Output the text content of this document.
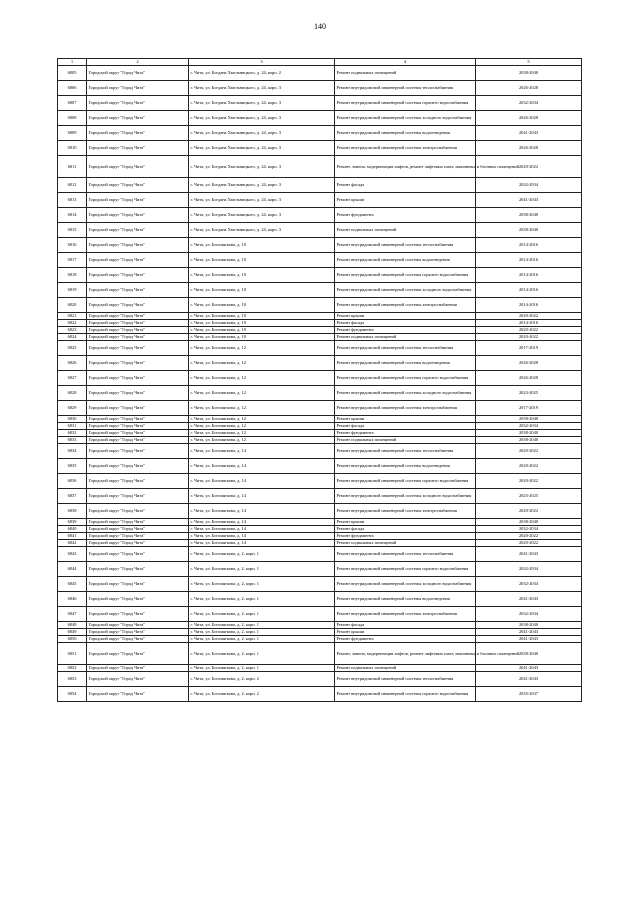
140
1	2	3	4	5
6805	Городской округ "Город Чита"	г. Чита, ул. Богдана Хмельницкого, д. 24, корп. 2	Ремонт подвальных помещений	2038-2040
6806	Городской округ "Город Чита"	г. Чита, ул. Богдана Хмельницкого, д. 24, корп. 3	Ремонт внутридомовой инженерной системы теплоснабжения	2026-2028
6807	Городской округ "Город Чита"	г. Чита, ул. Богдана Хмельницкого, д. 24, корп. 3	Ремонт внутридомовой инженерной системы горячего водоснабжения	2032-2034
6808	Городской округ "Город Чита"	г. Чита, ул. Богдана Хмельницкого, д. 24, корп. 3	Ремонт внутридомовой инженерной системы холодного водоснабжения	2026-2028
6809	Городской округ "Город Чита"	г. Чита, ул. Богдана Хмельницкого, д. 24, корп. 3	Ремонт внутридомовой инженерной системы водоотведения	2041-2043
6810	Городской округ "Город Чита"	г. Чита, ул. Богдана Хмельницкого, д. 24, корп. 3	Ремонт внутридомовой инженерной системы электроснабжения	2026-2028
6811	Городской округ "Город Чита"	г. Чита, ул. Богдана Хмельницкого, д. 24, корп. 3	Ремонт, замена, модернизация лифтов, ремонт лифтовых шахт, машинных и блочных помещений	2020-2022
6812	Городской округ "Город Чита"	г. Чита, ул. Богдана Хмельницкого, д. 24, корп. 3	Ремонт фасада	2032-2034
6813	Городской округ "Город Чита"	г. Чита, ул. Богдана Хмельницкого, д. 24, корп. 3	Ремонт крыши	2041-2043
6814	Городской округ "Город Чита"	г. Чита, ул. Богдана Хмельницкого, д. 24, корп. 3	Ремонт фундамента	2038-2040
6815	Городской округ "Город Чита"	г. Чита, ул. Богдана Хмельницкого, д. 24, корп. 3	Ремонт подвальных помещений	2038-2040
6816	Городской округ "Город Чита"	г. Чита, ул. Богомягкова, д. 10	Ремонт внутридомовой инженерной системы теплоснабжения	2014-2016
6817	Городской округ "Город Чита"	г. Чита, ул. Богомягкова, д. 10	Ремонт внутридомовой инженерной системы водоотведения	2014-2016
6818	Городской округ "Город Чита"	г. Чита, ул. Богомягкова, д. 10	Ремонт внутридомовой инженерной системы горячего водоснабжения	2014-2016
6819	Городской округ "Город Чита"	г. Чита, ул. Богомягкова, д. 10	Ремонт внутридомовой инженерной системы холодного водоснабжения	2014-2016
6820	Городской округ "Город Чита"	г. Чита, ул. Богомягкова, д. 10	Ремонт внутридомовой инженерной системы электроснабжения	2014-2016
6821	Городской округ "Город Чита"	г. Чита, ул. Богомягкова, д. 10	Ремонт крыши	2020-2022
6822	Городской округ "Город Чита"	г. Чита, ул. Богомягкова, д. 10	Ремонт фасада	2014-2016
6823	Городской округ "Город Чита"	г. Чита, ул. Богомягкова, д. 10	Ремонт фундамента	2020-2022
6824	Городской округ "Город Чита"	г. Чита, ул. Богомягкова, д. 10	Ремонт подвальных помещений	2020-2022
6825	Городской округ "Город Чита"	г. Чита, ул. Богомягкова, д. 12	Ремонт внутридомовой инженерной системы теплоснабжения	2017-2019
6826	Городской округ "Город Чита"	г. Чита, ул. Богомягкова, д. 12	Ремонт внутридомовой инженерной системы водоотведения	2026-2028
6827	Городской округ "Город Чита"	г. Чита, ул. Богомягкова, д. 12	Ремонт внутридомовой инженерной системы горячего водоснабжения	2026-2028
6828	Городской округ "Город Чита"	г. Чита, ул. Богомягкова, д. 12	Ремонт внутридомовой инженерной системы холодного водоснабжения	2023-2025
6829	Городской округ "Город Чита"	г. Чита, ул. Богомягкова, д. 12	Ремонт внутридомовой инженерной системы электроснабжения	2017-2019
6830	Городской округ "Город Чита"	г. Чита, ул. Богомягкова, д. 12	Ремонт крыши	2038-2040
6831	Городской округ "Город Чита"	г. Чита, ул. Богомягкова, д. 12	Ремонт фасада	2032-2034
6832	Городской округ "Город Чита"	г. Чита, ул. Богомягкова, д. 12	Ремонт фундамента	2038-2040
6833	Городской округ "Город Чита"	г. Чита, ул. Богомягкова, д. 12	Ремонт подвальных помещений	2038-2040
6834	Городской округ "Город Чита"	г. Чита, ул. Богомягкова, д. 14	Ремонт внутридомовой инженерной системы теплоснабжения	2020-2022
6835	Городской округ "Город Чита"	г. Чита, ул. Богомягкова, д. 14	Ремонт внутридомовой инженерной системы водоотведения	2020-2022
6836	Городской округ "Город Чита"	г. Чита, ул. Богомягкова, д. 14	Ремонт внутридомовой инженерной системы горячего водоснабжения	2020-2022
6837	Городской округ "Город Чита"	г. Чита, ул. Богомягкова, д. 14	Ремонт внутридомовой инженерной системы холодного водоснабжения	2023-2025
6838	Городской округ "Город Чита"	г. Чита, ул. Богомягкова, д. 14	Ремонт внутридомовой инженерной системы электроснабжения	2020-2022
6839	Городской округ "Город Чита"	г. Чита, ул. Богомягкова, д. 14	Ремонт крыши	2038-2040
6840	Городской округ "Город Чита"	г. Чита, ул. Богомягкова, д. 14	Ремонт фасада	2032-2034
6841	Городской округ "Город Чита"	г. Чита, ул. Богомягкова, д. 14	Ремонт фундамента	2020-2022
6842	Городской округ "Город Чита"	г. Чита, ул. Богомягкова, д. 14	Ремонт подвальных помещений	2020-2022
6843	Городской округ "Город Чита"	г. Чита, ул. Богомягкова, д. 2, корп. 1	Ремонт внутридомовой инженерной системы теплоснабжения	2041-2043
6844	Городской округ "Город Чита"	г. Чита, ул. Богомягкова, д. 2, корп. 1	Ремонт внутридомовой инженерной системы горячего водоснабжения	2032-2034
6845	Городской округ "Город Чита"	г. Чита, ул. Богомягкова, д. 2, корп. 1	Ремонт внутридомовой инженерной системы холодного водоснабжения	2032-2034
6846	Городской округ "Город Чита"	г. Чита, ул. Богомягкова, д. 2, корп. 1	Ремонт внутридомовой инженерной системы водоотведения	2041-2043
6847	Городской округ "Город Чита"	г. Чита, ул. Богомягкова, д. 2, корп. 1	Ремонт внутридомовой инженерной системы электроснабжения	2032-2034
6848	Городской округ "Город Чита"	г. Чита, ул. Богомягкова, д. 2, корп. 1	Ремонт фасада	2038-2040
6849	Городской округ "Город Чита"	г. Чита, ул. Богомягкова, д. 2, корп. 1	Ремонт крыши	2041-2043
6850	Городской округ "Город Чита"	г. Чита, ул. Богомягкова, д. 2, корп. 1	Ремонт фундамента	2041-2043
6851	Городской округ "Город Чита"	г. Чита, ул. Богомягкова, д. 2, корп. 1	Ремонт, замена, модернизация лифтов, ремонт лифтовых шахт, машинных и блочных помещений	2038-2040
6852	Городской округ "Город Чита"	г. Чита, ул. Богомягкова, д. 2, корп. 1	Ремонт подвальных помещений	2041-2043
6853	Городской округ "Город Чита"	г. Чита, ул. Богомягкова, д. 2, корп. 2	Ремонт внутридомовой инженерной системы теплоснабжения	2041-2043
6854	Городской округ "Город Чита"	г. Чита, ул. Богомягкова, д. 2, корп. 2	Ремонт внутридомовой инженерной системы горячего водоснабжения	2035-2037
